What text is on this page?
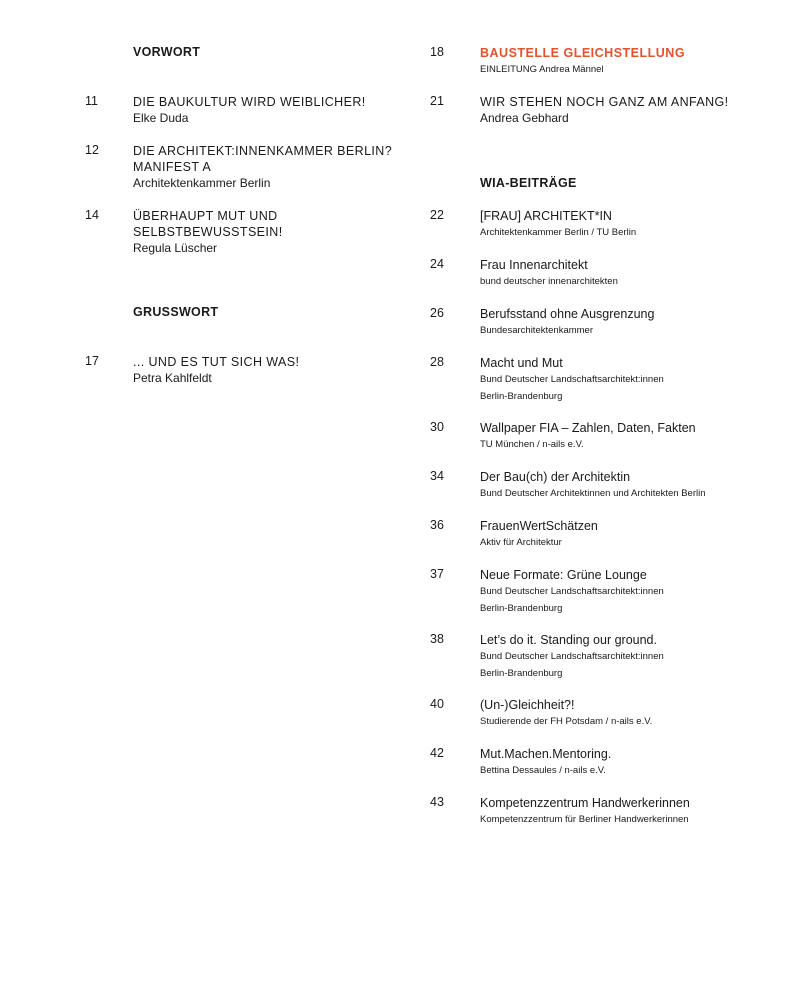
VORWORT
11	DIE BAUKULTUR WIRD WEIBLICHER!
Elke Duda
12	DIE ARCHITEKT:INNENKAMMER BERLIN?
MANIFEST A
Architektenkammer Berlin
14	ÜBERHAUPT MUT UND
SELBSTBEWUSSTSEIN!
Regula Lüscher
GRUSSWORT
17	... UND ES TUT SICH WAS!
Petra Kahlfeldt
18	BAUSTELLE GLEICHSTELLUNG
EINLEITUNG Andrea Männel
21	WIR STEHEN NOCH GANZ AM ANFANG!
Andrea Gebhard
WIA-BEITRÄGE
22	[FRAU] ARCHITEKT*IN
Architektenkammer Berlin / TU Berlin
24	Frau Innenarchitekt
bund deutscher innenarchitekten
26	Berufsstand ohne Ausgrenzung
Bundesarchitektenkammer
28	Macht und Mut
Bund Deutscher Landschaftsarchitekt:innen
Berlin-Brandenburg
30	Wallpaper FIA – Zahlen, Daten, Fakten
TU München / n-ails e.V.
34	Der Bau(ch) der Architektin
Bund Deutscher Architektinnen und Architekten Berlin
36	FrauenWertSchätzen
Aktiv für Architektur
37	Neue Formate: Grüne Lounge
Bund Deutscher Landschaftsarchitekt:innen
Berlin-Brandenburg
38	Let’s do it. Standing our ground.
Bund Deutscher Landschaftsarchitekt:innen
Berlin-Brandenburg
40	(Un-)Gleichheit?!
Studierende der FH Potsdam / n-ails e.V.
42	Mut.Machen.Mentoring.
Bettina Dessaules / n-ails e.V.
43	Kompetenzzentrum Handwerkerinnen
Kompetenzzentrum für Berliner Handwerkerinnen
